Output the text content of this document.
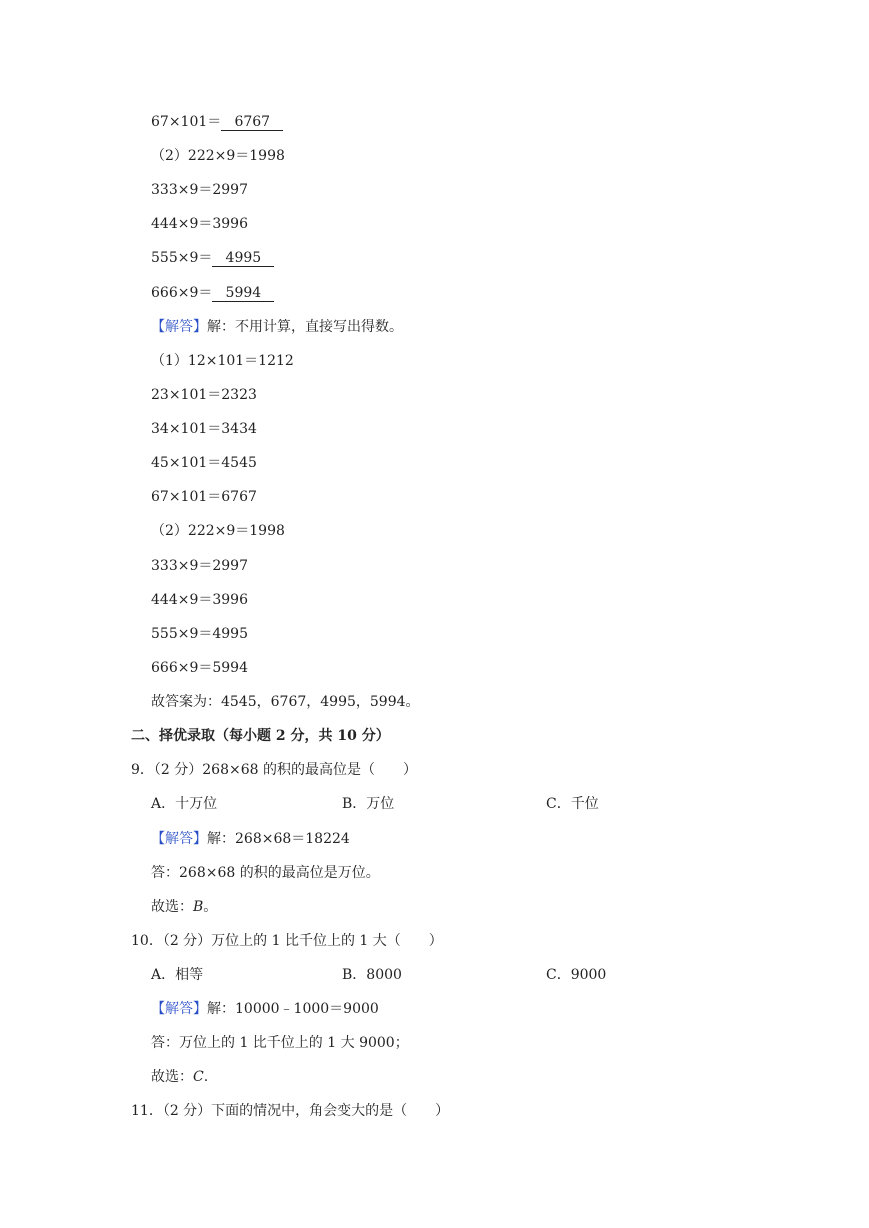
67×101＝ 6767
（2）222×9＝1998
333×9＝2997
444×9＝3996
555×9＝ 4995
666×9＝ 5994
【解答】解：不用计算，直接写出得数。
（1）12×101＝1212
23×101＝2323
34×101＝3434
45×101＝4545
67×101＝6767
（2）222×9＝1998
333×9＝2997
444×9＝3996
555×9＝4995
666×9＝5994
故答案为：4545，6767，4995，5994。
二、择优录取（每小题 2 分，共 10 分）
9．（2 分）268×68 的积的最高位是（　　）
A．十万位	B．万位	C．千位
【解答】解：268×68＝18224
答：268×68 的积的最高位是万位。
故选：B。
10．（2 分）万位上的 1 比千位上的 1 大（　　）
A．相等	B．8000	C．9000
【解答】解：10000﹣1000＝9000
答：万位上的 1 比千位上的 1 大 9000；
故选：C.
11．（2 分）下面的情况中，角会变大的是（　　）
